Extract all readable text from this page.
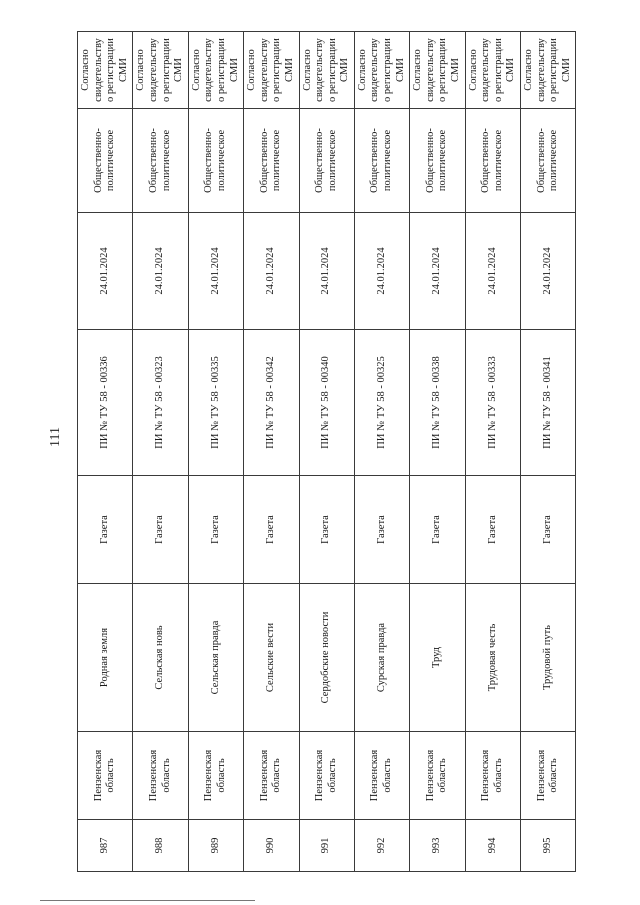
111
987	Пензенская область	Родная земля	Газета	ПИ № ТУ 58 - 00336	24.01.2024	Общественно-политическое	Согласно свидетельству о регистрации СМИ
988	Пензенская область	Сельская новь	Газета	ПИ № ТУ 58 - 00323	24.01.2024	Общественно-политическое	Согласно свидетельству о регистрации СМИ
989	Пензенская область	Сельская правда	Газета	ПИ № ТУ 58 - 00335	24.01.2024	Общественно-политическое	Согласно свидетельству о регистрации СМИ
990	Пензенская область	Сельские вести	Газета	ПИ № ТУ 58 - 00342	24.01.2024	Общественно-политическое	Согласно свидетельству о регистрации СМИ
991	Пензенская область	Сердобские новости	Газета	ПИ № ТУ 58 - 00340	24.01.2024	Общественно-политическое	Согласно свидетельству о регистрации СМИ
992	Пензенская область	Сурская правда	Газета	ПИ № ТУ 58 - 00325	24.01.2024	Общественно-политическое	Согласно свидетельству о регистрации СМИ
993	Пензенская область	Труд	Газета	ПИ № ТУ 58 - 00338	24.01.2024	Общественно-политическое	Согласно свидетельству о регистрации СМИ
994	Пензенская область	Трудовая честь	Газета	ПИ № ТУ 58 - 00333	24.01.2024	Общественно-политическое	Согласно свидетельству о регистрации СМИ
995	Пензенская область	Трудовой путь	Газета	ПИ № ТУ 58 - 00341	24.01.2024	Общественно-политическое	Согласно свидетельству о регистрации СМИ
